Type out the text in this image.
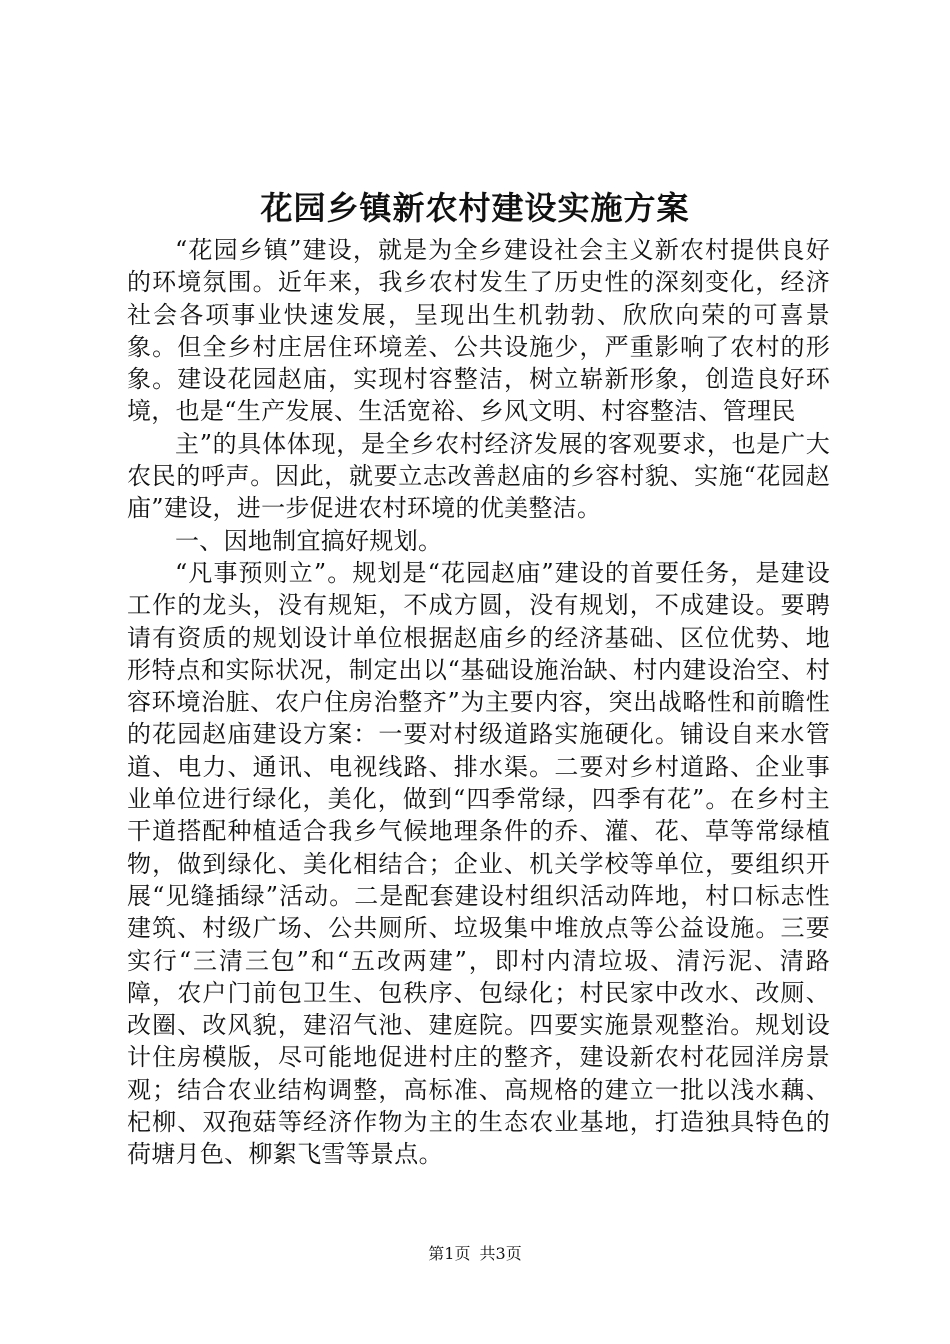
花园乡镇新农村建设实施方案

“花园乡镇”建设，就是为全乡建设社会主义新农村提供良好的环境氛围。近年来，我乡农村发生了历史性的深刻变化，经济社会各项事业快速发展，呈现出生机勃勃、欣欣向荣的可喜景象。但全乡村庄居住环境差、公共设施少，严重影响了农村的形象。建设花园赵庙，实现村容整洁，树立崭新形象，创造良好环境，也是“生产发展、生活宽裕、乡风文明、村容整洁、管理民

主”的具体体现，是全乡农村经济发展的客观要求，也是广大农民的呼声。因此，就要立志改善赵庙的乡容村貌、实施“花园赵庙”建设，进一步促进农村环境的优美整洁。

一、因地制宜搞好规划。

“凡事预则立”。规划是“花园赵庙”建设的首要任务，是建设工作的龙头，没有规矩，不成方圆，没有规划，不成建设。要聘请有资质的规划设计单位根据赵庙乡的经济基础、区位优势、地形特点和实际状况，制定出以“基础设施治缺、村内建设治空、村容环境治脏、农户住房治整齐”为主要内容，突出战略性和前瞻性的花园赵庙建设方案：一要对村级道路实施硬化。铺设自来水管道、电力、通讯、电视线路、排水渠。二要对乡村道路、企业事业单位进行绿化，美化，做到“四季常绿，四季有花”。在乡村主干道搭配种植适合我乡气候地理条件的乔、灌、花、草等常绿植物，做到绿化、美化相结合；企业、机关学校等单位，要组织开展“见缝插绿”活动。二是配套建设村组织活动阵地，村口标志性建筑、村级广场、公共厕所、垃圾集中堆放点等公益设施。三要实行“三清三包”和“五改两建”，即村内清垃圾、清污泥、清路障，农户门前包卫生、包秩序、包绿化；村民家中改水、改厕、改圈、改风貌，建沼气池、建庭院。四要实施景观整治。规划设计住房模版，尽可能地促进村庄的整齐，建设新农村花园洋房景观；结合农业结构调整，高标准、高规格的建立一批以浅水藕、杞柳、双孢菇等经济作物为主的生态农业基地，打造独具特色的荷塘月色、柳絮飞雪等景点。

第1页 共3页
